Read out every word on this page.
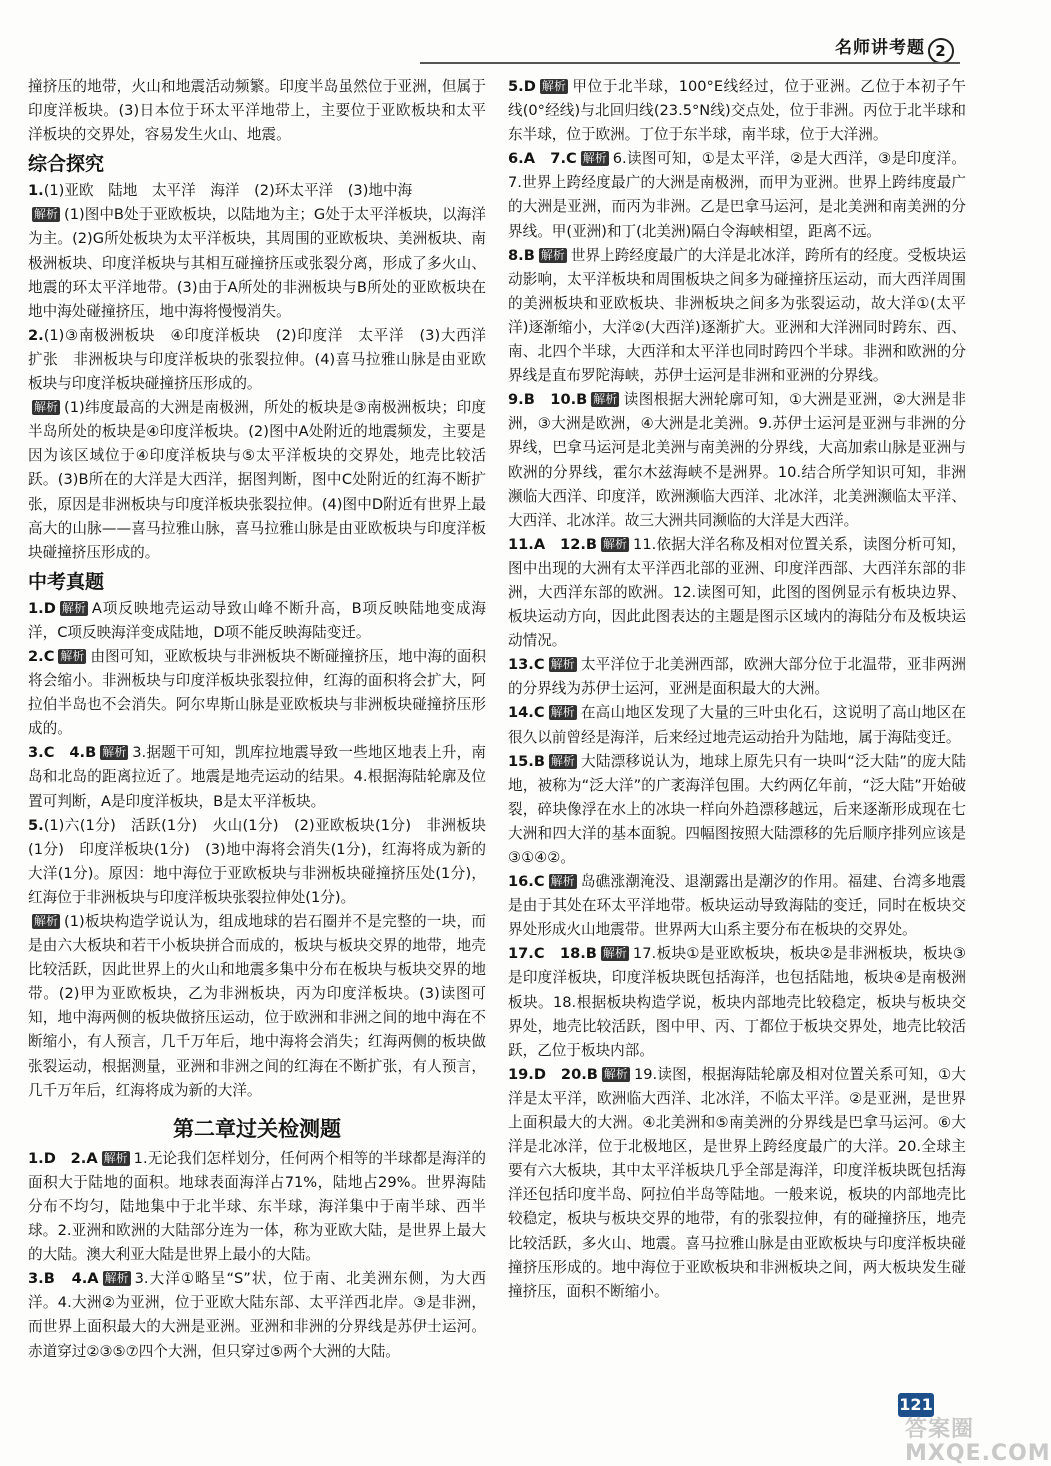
名师讲考题 2

撞挤压的地带，火山和地震活动频繁。印度半岛虽然位于亚洲，但属于印度洋板块。(3)日本位于环太平洋地带上，主要位于亚欧板块和太平洋板块的交界处，容易发生火山、地震。

综合探究

1.(1)亚欧　陆地　太平洋　海洋　(2)环太平洋　(3)地中海

解析 (1)图中B处于亚欧板块，以陆地为主；G处于太平洋板块，以海洋为主。(2)G所处板块为太平洋板块，其周围的亚欧板块、美洲板块、南极洲板块、印度洋板块与其相互碰撞挤压或张裂分离，形成了多火山、地震的环太平洋地带。(3)由于A所处的非洲板块与B所处的亚欧板块在地中海处碰撞挤压，地中海将慢慢消失。

2.(1)③南极洲板块　④印度洋板块　(2)印度洋　太平洋　(3)大西洋　扩张　非洲板块与印度洋板块的张裂拉伸。(4)喜马拉雅山脉是由亚欧板块与印度洋板块碰撞挤压形成的。

解析 (1)纬度最高的大洲是南极洲，所处的板块是③南极洲板块；印度半岛所处的板块是④印度洋板块。(2)图中A处附近的地震频发，主要是因为该区域位于④印度洋板块与⑤太平洋板块的交界处，地壳比较活跃。(3)B所在的大洋是大西洋，据图判断，图中C处附近的红海不断扩张，原因是非洲板块与印度洋板块张裂拉伸。(4)图中D附近有世界上最高大的山脉——喜马拉雅山脉，喜马拉雅山脉是由亚欧板块与印度洋板块碰撞挤压形成的。

中考真题

1.D 解析 A项反映地壳运动导致山峰不断升高，B项反映陆地变成海洋，C项反映海洋变成陆地，D项不能反映海陆变迁。

2.C 解析 由图可知，亚欧板块与非洲板块不断碰撞挤压，地中海的面积将会缩小。非洲板块与印度洋板块张裂拉伸，红海的面积将会扩大，阿拉伯半岛也不会消失。阿尔卑斯山脉是亚欧板块与非洲板块碰撞挤压形成的。

3.C　4.B 解析 3.据题干可知，凯库拉地震导致一些地区地表上升，南岛和北岛的距离拉近了。地震是地壳运动的结果。4.根据海陆轮廓及位置可判断，A是印度洋板块，B是太平洋板块。

5.(1)六(1分)　活跃(1分)　火山(1分)　(2)亚欧板块(1分)　非洲板块(1分)　印度洋板块(1分)　(3)地中海将会消失(1分)，红海将成为新的大洋(1分)。原因：地中海位于亚欧板块与非洲板块碰撞挤压处(1分)，红海位于非洲板块与印度洋板块张裂拉伸处(1分)。

解析 (1)板块构造学说认为，组成地球的岩石圈并不是完整的一块，而是由六大板块和若干小板块拼合而成的，板块与板块交界的地带，地壳比较活跃，因此世界上的火山和地震多集中分布在板块与板块交界的地带。(2)甲为亚欧板块，乙为非洲板块，丙为印度洋板块。(3)读图可知，地中海两侧的板块做挤压运动，位于欧洲和非洲之间的地中海在不断缩小，有人预言，几千万年后，地中海将会消失；红海两侧的板块做张裂运动，根据测量，亚洲和非洲之间的红海在不断扩张，有人预言，几千万年后，红海将成为新的大洋。

第二章过关检测题

1.D　2.A 解析 1.无论我们怎样划分，任何两个相等的半球都是海洋的面积大于陆地的面积。地球表面海洋占71%，陆地占29%。世界海陆分布不均匀，陆地集中于北半球、东半球，海洋集中于南半球、西半球。2.亚洲和欧洲的大陆部分连为一体，称为亚欧大陆，是世界上最大的大陆。澳大利亚大陆是世界上最小的大陆。

3.B　4.A 解析 3.大洋①略呈“S”状，位于南、北美洲东侧，为大西洋。4.大洲②为亚洲，位于亚欧大陆东部、太平洋西北岸。③是非洲，而世界上面积最大的大洲是亚洲。亚洲和非洲的分界线是苏伊士运河。赤道穿过②③⑤⑦四个大洲，但只穿过⑤两个大洲的大陆。

5.D 解析 甲位于北半球，100°E线经过，位于亚洲。乙位于本初子午线(0°经线)与北回归线(23.5°N线)交点处，位于非洲。丙位于北半球和东半球，位于欧洲。丁位于东半球，南半球，位于大洋洲。

6.A　7.C 解析 6.读图可知，①是太平洋，②是大西洋，③是印度洋。7.世界上跨经度最广的大洲是南极洲，而甲为亚洲。世界上跨纬度最广的大洲是亚洲，而丙为非洲。乙是巴拿马运河，是北美洲和南美洲的分界线。甲(亚洲)和丁(北美洲)隔白令海峡相望，距离不远。

8.B 解析 世界上跨经度最广的大洋是北冰洋，跨所有的经度。受板块运动影响，太平洋板块和周围板块之间多为碰撞挤压运动，而大西洋周围的美洲板块和亚欧板块、非洲板块之间多为张裂运动，故大洋①(太平洋)逐渐缩小，大洋②(大西洋)逐渐扩大。亚洲和大洋洲同时跨东、西、南、北四个半球，大西洋和太平洋也同时跨四个半球。非洲和欧洲的分界线是直布罗陀海峡，苏伊士运河是非洲和亚洲的分界线。

9.B　10.B 解析 读图根据大洲轮廓可知，①大洲是亚洲，②大洲是非洲，③大洲是欧洲，④大洲是北美洲。9.苏伊士运河是亚洲与非洲的分界线，巴拿马运河是北美洲与南美洲的分界线，大高加索山脉是亚洲与欧洲的分界线，霍尔木兹海峡不是洲界。10.结合所学知识可知，非洲濒临大西洋、印度洋，欧洲濒临大西洋、北冰洋，北美洲濒临太平洋、大西洋、北冰洋。故三大洲共同濒临的大洋是大西洋。

11.A　12.B 解析 11.依据大洋名称及相对位置关系，读图分析可知，图中出现的大洲有太平洋西北部的亚洲、印度洋西部、大西洋东部的非洲，大西洋东部的欧洲。12.读图可知，此图的图例显示有板块边界、板块运动方向，因此此图表达的主题是图示区域内的海陆分布及板块运动情况。

13.C 解析 太平洋位于北美洲西部，欧洲大部分位于北温带，亚非两洲的分界线为苏伊士运河，亚洲是面积最大的大洲。

14.C 解析 在高山地区发现了大量的三叶虫化石，这说明了高山地区在很久以前曾经是海洋，后来经过地壳运动抬升为陆地，属于海陆变迁。

15.B 解析 大陆漂移说认为，地球上原先只有一块叫“泛大陆”的庞大陆地，被称为“泛大洋”的广袤海洋包围。大约两亿年前，“泛大陆”开始破裂，碎块像浮在水上的冰块一样向外趋漂移越远，后来逐渐形成现在七大洲和四大洋的基本面貌。四幅图按照大陆漂移的先后顺序排列应该是③①④②。

16.C 解析 岛礁涨潮淹没、退潮露出是潮汐的作用。福建、台湾多地震是由于其处在环太平洋地带。板块运动导致海陆的变迁，同时在板块交界处形成火山地震带。世界两大山系主要分布在板块的交界处。

17.C　18.B 解析 17.板块①是亚欧板块，板块②是非洲板块，板块③是印度洋板块，印度洋板块既包括海洋，也包括陆地，板块④是南极洲板块。18.根据板块构造学说，板块内部地壳比较稳定，板块与板块交界处，地壳比较活跃，图中甲、丙、丁都位于板块交界处，地壳比较活跃，乙位于板块内部。

19.D　20.B 解析 19.读图，根据海陆轮廓及相对位置关系可知，①大洋是太平洋，欧洲临大西洋、北冰洋，不临太平洋。②是亚洲，是世界上面积最大的大洲。④北美洲和⑤南美洲的分界线是巴拿马运河。⑥大洋是北冰洋，位于北极地区，是世界上跨经度最广的大洋。20.全球主要有六大板块，其中太平洋板块几乎全部是海洋，印度洋板块既包括海洋还包括印度半岛、阿拉伯半岛等陆地。一般来说，板块的内部地壳比较稳定，板块与板块交界的地带，有的张裂拉伸，有的碰撞挤压，地壳比较活跃，多火山、地震。喜马拉雅山脉是由亚欧板块与印度洋板块碰撞挤压形成的。地中海位于亚欧板块和非洲板块之间，两大板块发生碰撞挤压，面积不断缩小。

121
答案圈 MXQE.COM
